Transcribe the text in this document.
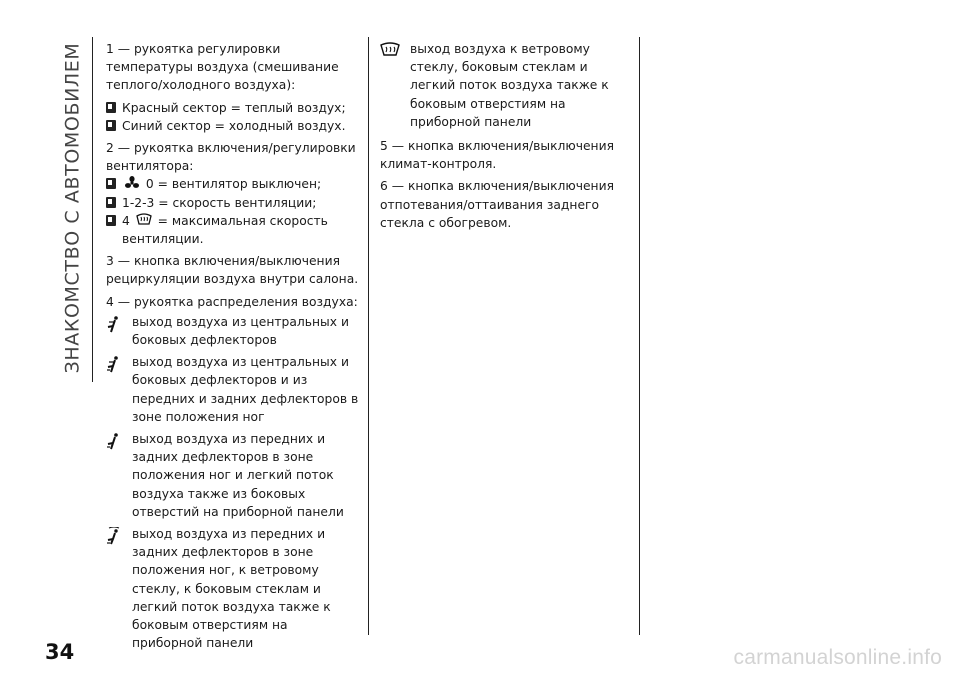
ЗНАКОМСТВО С АВТОМОБИЛЕМ 1 — рукоятка регулировки температуры воздуха (смешивание теплого/холодного воздуха):

Красный сектор = теплый воздух;
Синий сектор = холодный воздух.

2 — рукоятка включения/регулировки вентилятора:

0 = вентилятор выключен;
1-2-3 = скорость вентиляции;
4 = максимальная скорость вентиляции.

3 — кнопка включения/выключения рециркуляции воздуха внутри салона.

4 — рукоятка распределения воздуха:

выход воздуха из центральных и боковых дефлекторов
выход воздуха из центральных и боковых дефлекторов и из передних и задних дефлекторов в зоне положения ног
выход воздуха из передних и задних дефлекторов в зоне положения ног и легкий поток воздуха также из боковых отверстий на приборной панели
выход воздуха из передних и задних дефлекторов в зоне положения ног, к ветровому стеклу, к боковым стеклам и легкий поток воздуха также к боковым отверстиям на приборной панели
выход воздуха к ветровому стеклу, боковым стеклам и легкий поток воздуха также к боковым отверстиям на приборной панели

5 — кнопка включения/выключения климат-контроля.

6 — кнопка включения/выключения отпотевания/оттаивания заднего стекла с обогревом.

34	carmanualsonline.info
